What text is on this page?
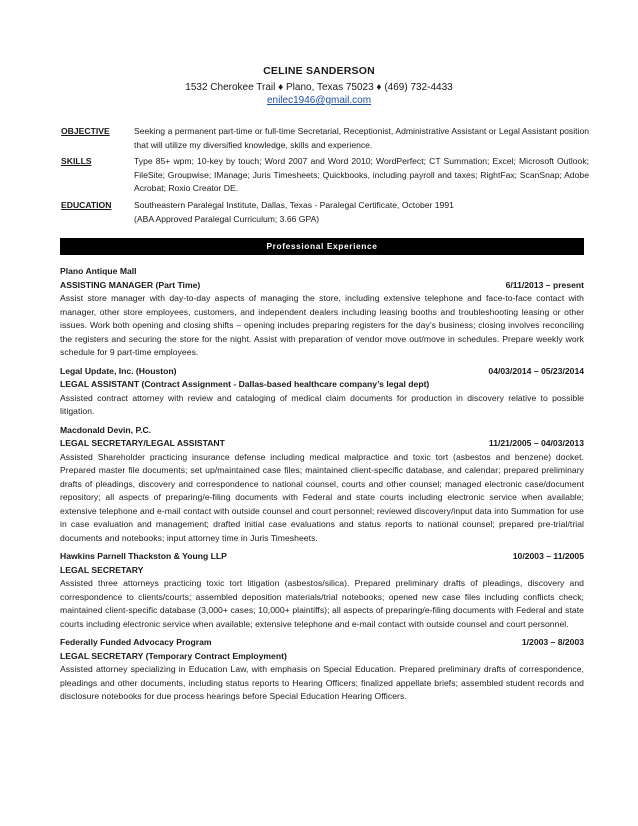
CELINE SANDERSON
1532 Cherokee Trail ♦ Plano, Texas 75023 ♦ (469) 732-4433
enilec1946@gmail.com
OBJECTIVE	Seeking a permanent part-time or full-time Secretarial, Receptionist, Administrative Assistant or Legal Assistant position that will utilize my diversified knowledge, skills and experience.
SKILLS	Type 85+ wpm; 10-key by touch; Word 2007 and Word 2010; WordPerfect; CT Summation; Excel; Microsoft Outlook; FileSite; Groupwise; IManage; Juris Timesheets; Quickbooks, including payroll and taxes; RightFax; ScanSnap; Adobe Acrobat; Roxio Creator DE.
EDUCATION	Southeastern Paralegal Institute, Dallas, Texas - Paralegal Certificate, October 1991
(ABA Approved Paralegal Curriculum; 3.66 GPA)
Professional Experience
Plano Antique Mall
ASSISTING MANAGER (Part Time)	6/11/2013 – present
Assist store manager with day-to-day aspects of managing the store, including extensive telephone and face-to-face contact with manager, other store employees, customers, and independent dealers including leasing booths and troubleshooting leasing or other issues. Work both opening and closing shifts – opening includes preparing registers for the day’s business; closing involves reconciling the registers and securing the store for the night. Assist with preparation of vendor move out/move in schedules. Prepare weekly work schedule for 9 part-time employees.
Legal Update, Inc. (Houston)	04/03/2014 – 05/23/2014
LEGAL ASSISTANT (Contract Assignment - Dallas-based healthcare company’s legal dept)
Assisted contract attorney with review and cataloging of medical claim documents for production in discovery relative to possible litigation.
Macdonald Devin, P.C.
LEGAL SECRETARY/LEGAL ASSISTANT	11/21/2005 – 04/03/2013
Assisted Shareholder practicing insurance defense including medical malpractice and toxic tort (asbestos and benzene) docket. Prepared master file documents; set up/maintained case files; maintained client-specific database, and calendar; prepared preliminary drafts of pleadings, discovery and correspondence to national counsel, courts and other counsel; managed electronic case/document repository; all aspects of preparing/e-filing documents with Federal and state courts including electronic service when available; extensive telephone and e-mail contact with outside counsel and court personnel; reviewed discovery/input data into Summation for use in case evaluation and management; drafted initial case evaluations and status reports to national counsel; prepared pre-trial/trial documents and notebooks; input attorney time in Juris Timesheets.
Hawkins Parnell Thackston & Young LLP	10/2003 – 11/2005
LEGAL SECRETARY
Assisted three attorneys practicing toxic tort litigation (asbestos/silica). Prepared preliminary drafts of pleadings, discovery and correspondence to clients/courts; assembled deposition materials/trial notebooks; opened new case files including conflicts check; maintained client-specific database (3,000+ cases; 10,000+ plaintiffs); all aspects of preparing/e-filing documents with Federal and state courts including electronic service when available; extensive telephone and e-mail contact with outside counsel and court personnel.
Federally Funded Advocacy Program	1/2003 – 8/2003
LEGAL SECRETARY (Temporary Contract Employment)
Assisted attorney specializing in Education Law, with emphasis on Special Education. Prepared preliminary drafts of correspondence, pleadings and other documents, including status reports to Hearing Officers; finalized appellate briefs; assembled student records and disclosure notebooks for due process hearings before Special Education Hearing Officers.
